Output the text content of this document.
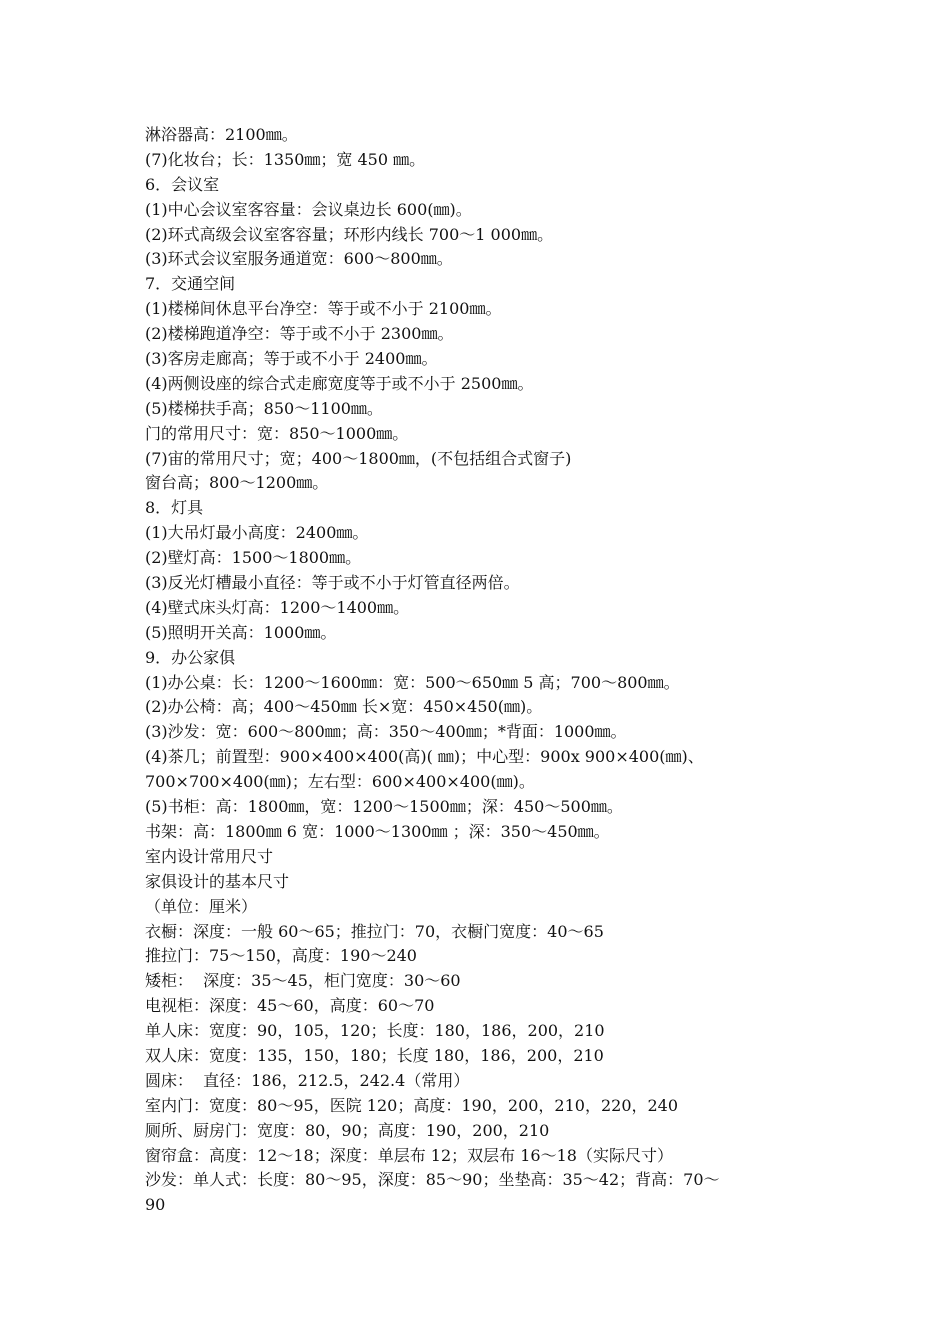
淋浴器高：2100㎜。
(7)化妆台；长：1350㎜；宽 450 ㎜。
6．会议室
(1)中心会议室客容量：会议桌边长 600(㎜)。
(2)环式高级会议室客容量；环形内线长 700～1 000㎜。
(3)环式会议室服务通道宽：600～800㎜。
7．交通空间
(1)楼梯间休息平台净空：等于或不小于 2100㎜。
(2)楼梯跑道净空：等于或不小于 2300㎜。
(3)客房走廊高；等于或不小于 2400㎜。
(4)两侧设座的综合式走廊宽度等于或不小于 2500㎜。
(5)楼梯扶手高；850～1100㎜。
门的常用尺寸：宽：850～1000㎜。
(7)宙的常用尺寸；宽；400～1800㎜，(不包括组合式窗子)
窗台高；800～1200㎜。
8．灯具
(1)大吊灯最小高度：2400㎜。
(2)壁灯高：1500～1800㎜。
(3)反光灯槽最小直径：等于或不小于灯管直径两倍。
(4)壁式床头灯高：1200～1400㎜。
(5)照明开关高：1000㎜。
9．办公家俱
(1)办公桌：长：1200～1600㎜：宽：500～650㎜ 5 高；700～800㎜。
(2)办公椅：高；400～450㎜ 长×宽：450×450(㎜)。
(3)沙发：宽：600～800㎜；高：350～400㎜；*背面：1000㎜。
(4)茶几；前置型：900×400×400(高)( ㎜)；中心型：900x 900×400(㎜)、
700×700×400(㎜)；左右型：600×400×400(㎜)。
(5)书柜：高：1800㎜，宽：1200～1500㎜；深：450～500㎜。
书架：高：1800㎜ 6 宽：1000～1300㎜ ；深：350～450㎜。
室内设计常用尺寸
家俱设计的基本尺寸
（单位：厘米）
衣橱：深度：一般 60～65；推拉门：70，衣橱门宽度：40～65
推拉门：75～150，高度：190～240
矮柜：  深度：35～45，柜门宽度：30～60
电视柜：深度：45～60，高度：60～70
单人床：宽度：90，105，120；长度：180，186，200，210
双人床：宽度：135，150，180；长度 180，186，200，210
圆床：  直径：186，212.5，242.4（常用）
室内门：宽度：80～95，医院 120；高度：190，200，210，220，240
厕所、厨房门：宽度：80，90；高度：190，200，210
窗帘盒：高度：12～18；深度：单层布 12；双层布 16～18（实际尺寸）
沙发：单人式：长度：80～95，深度：85～90；坐垫高：35～42；背高：70～
90
